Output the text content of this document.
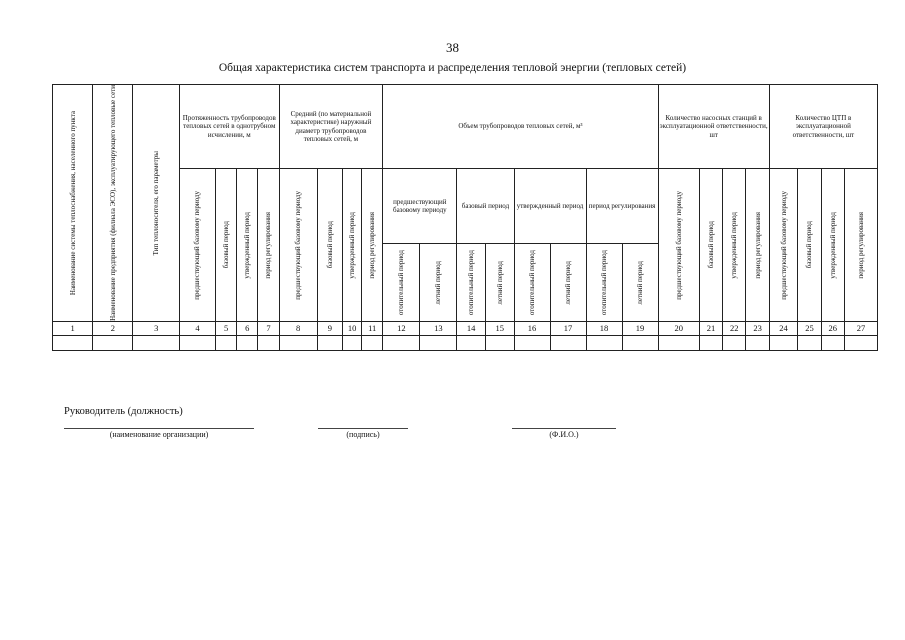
38
Общая характеристика систем транспорта и распределения тепловой энергии (тепловых сетей)
Наименование системы теплоснабжения, населенного пункта	Наименование предприятия (филиала ЭСО), эксплуатирующего тепловые сети	Тип теплоносителя, его параметры	Протяженность трубопроводов тепловых сетей в однотрубном исчислении, м				Средний (по материальной характеристике) наружный диаметр трубопроводов тепловых сетей, м				Объем трубопроводов тепловых сетей, м³								Количество насосных станций в эксплуатационной ответственности, шт				Количество ЦТП в эксплуатационной ответственности, шт			

			предшествующий базовому периоду	базовый период	утвержденный период	период регулирования	предшествующий базовому периоду	базовый период	утвержденный период	период регулирования	предшествующий базовому периоду		базовый период		утвержденный период		период регулирования		предшествующий базовому периоду	базовый период	утвержденный период	период регулирования	предшествующий базовому периоду	базовый период	утвержденный период	период регулирования

											отопительный период	летний период	отопительный период	летний период	отопительный период	летний период	отопительный период	летний период								

1	2	3	4	5	6	7	8	9	10	11	12	13	14	15	16	17	18	19	20	21	22	23	24	25	26	27

Руководитель (должность)
(наименование организации)	(подпись)	(Ф.И.О.)
